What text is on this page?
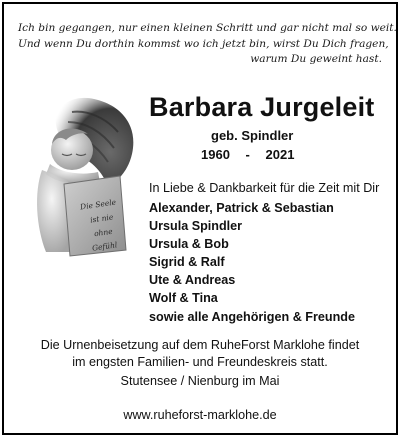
Ich bin gegangen, nur einen kleinen Schritt und gar nicht mal so weit.
Und wenn Du dorthin kommst wo ich jetzt bin, wirst Du Dich fragen,
warum Du geweint hast.
Die Seele
ist nie
ohne
Gefühl
Barbara Jurgeleit
geb. Spindler
1960 - 2021
In Liebe & Dankbarkeit für die Zeit mit Dir
Alexander, Patrick & Sebastian
Ursula Spindler
Ursula & Bob
Sigrid & Ralf
Ute & Andreas
Wolf & Tina
sowie alle Angehörigen & Freunde
Die Urnenbeisetzung auf dem RuheForst Marklohe findet
im engsten Familien- und Freundeskreis statt.
Stutensee / Nienburg im Mai
www.ruheforst-marklohe.de
